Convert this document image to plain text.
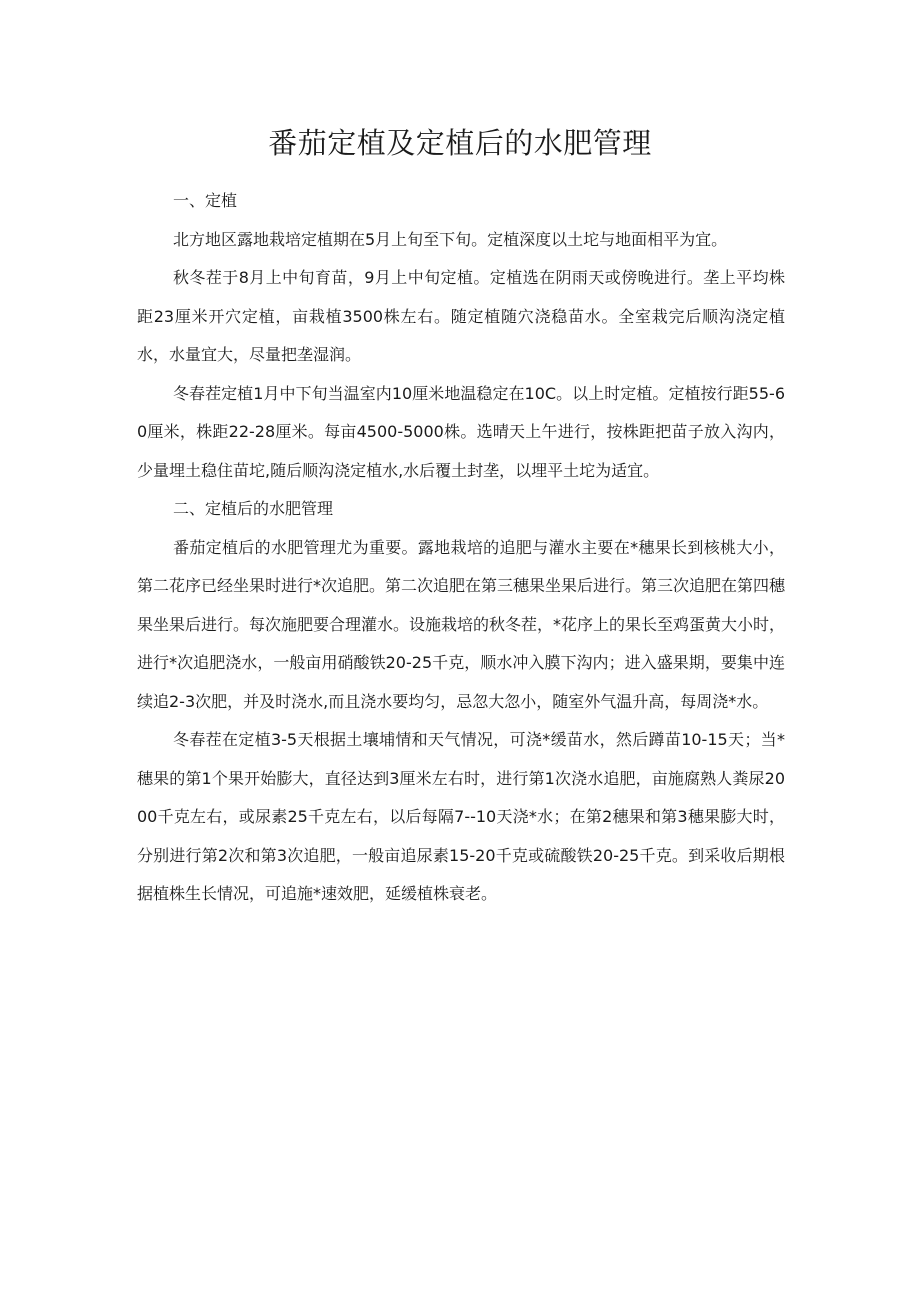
番茄定植及定植后的水肥管理

一、定植

北方地区露地栽培定植期在5月上旬至下旬。定植深度以土坨与地面相平为宜。

秋冬茬于8月上中旬育苗，9月上中旬定植。定植选在阴雨天或傍晚进行。垄上平均株距23厘米开穴定植，亩栽植3500株左右。随定植随穴浇稳苗水。全室栽完后顺沟浇定植水，水量宜大，尽量把垄湿润。

冬春茬定植1月中下旬当温室内10厘米地温稳定在10C。以上时定植。定植按行距55-60厘米，株距22-28厘米。每亩4500-5000株。选晴天上午进行，按株距把苗子放入沟内，少量埋土稳住苗坨,随后顺沟浇定植水,水后覆土封垄，以埋平土坨为适宜。

二、定植后的水肥管理

番茄定植后的水肥管理尤为重要。露地栽培的追肥与灌水主要在*穗果长到核桃大小，第二花序已经坐果时进行*次追肥。第二次追肥在第三穗果坐果后进行。第三次追肥在第四穗果坐果后进行。每次施肥要合理灌水。设施栽培的秋冬茬，*花序上的果长至鸡蛋黄大小时，进行*次追肥浇水，一般亩用硝酸铁20-25千克，顺水冲入膜下沟内；进入盛果期，要集中连续追2-3次肥，并及时浇水,而且浇水要均匀，忌忽大忽小，随室外气温升高，每周浇*水。

冬春茬在定植3-5天根据土壤埔情和天气情况，可浇*缓苗水，然后蹲苗10-15天；当*穗果的第1个果开始膨大，直径达到3厘米左右时，进行第1次浇水追肥，亩施腐熟人粪尿2000千克左右，或尿素25千克左右，以后每隔7--10天浇*水；在第2穗果和第3穗果膨大时，分别进行第2次和第3次追肥，一般亩追尿素15-20千克或硫酸铁20-25千克。到采收后期根据植株生长情况，可追施*速效肥，延缓植株衰老。
